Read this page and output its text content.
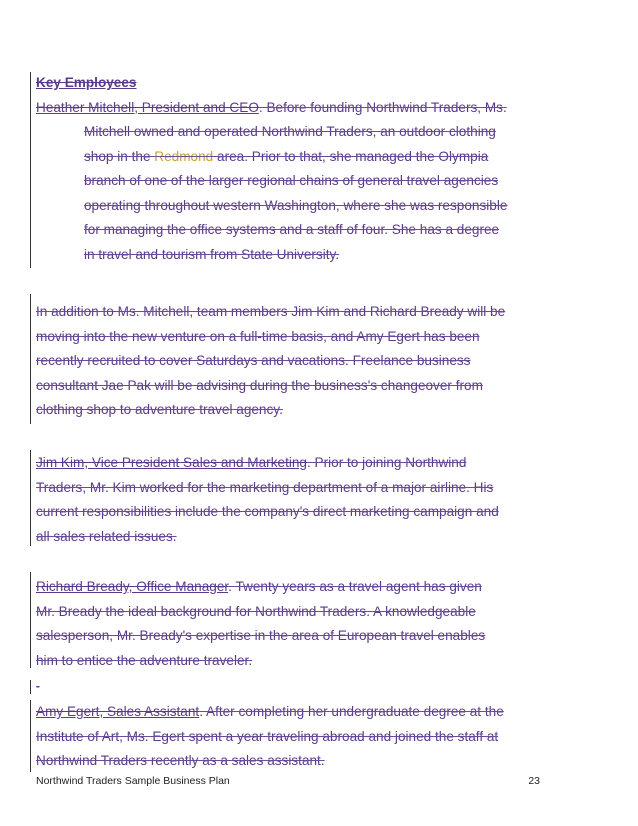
Key Employees
Heather Mitchell, President and CEO. Before founding Northwind Traders, Ms.
Mitchell owned and operated Northwind Traders, an outdoor clothing
shop in the Redmond area. Prior to that, she managed the Olympia
branch of one of the larger regional chains of general travel agencies
operating throughout western Washington, where she was responsible
for managing the office systems and a staff of four. She has a degree
in travel and tourism from State University.
In addition to Ms. Mitchell, team members Jim Kim and Richard Bready will be
moving into the new venture on a full-time basis, and Amy Egert has been
recently recruited to cover Saturdays and vacations. Freelance business
consultant Jae Pak will be advising during the business's changeover from
clothing shop to adventure travel agency.
Jim Kim, Vice President Sales and Marketing. Prior to joining Northwind
Traders, Mr. Kim worked for the marketing department of a major airline. His
current responsibilities include the company's direct marketing campaign and
all sales related issues.
Richard Bready, Office Manager. Twenty years as a travel agent has given
Mr. Bready the ideal background for Northwind Traders. A knowledgeable
salesperson, Mr. Bready's expertise in the area of European travel enables
him to entice the adventure traveler.
-
Amy Egert, Sales Assistant. After completing her undergraduate degree at the
Institute of Art, Ms. Egert spent a year traveling abroad and joined the staff at
Northwind Traders recently as a sales assistant.
Northwind Traders Sample Business Plan	23
